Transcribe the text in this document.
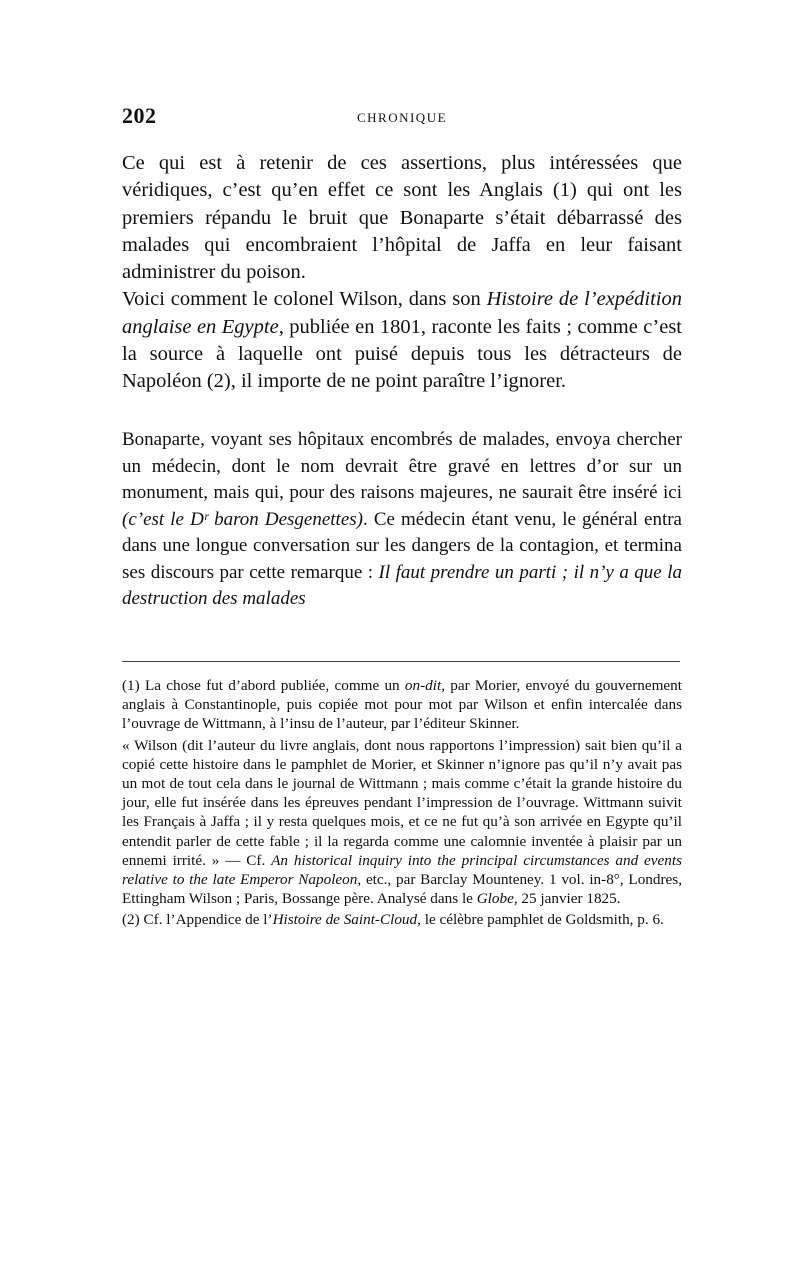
202	CHRONIQUE

Ce qui est à retenir de ces assertions, plus intéressées que véridiques, c’est qu’en effet ce sont les Anglais (1) qui ont les premiers répandu le bruit que Bonaparte s’était débarrassé des malades qui encombraient l’hôpital de Jaffa en leur faisant administrer du poison.

Voici comment le colonel Wilson, dans son Histoire de l’expédition anglaise en Egypte, publiée en 1801, raconte les faits ; comme c’est la source à laquelle ont puisé depuis tous les détracteurs de Napoléon (2), il importe de ne point paraître l’ignorer.

Bonaparte, voyant ses hôpitaux encombrés de malades, envoya chercher un médecin, dont le nom devrait être gravé en lettres d’or sur un monument, mais qui, pour des raisons majeures, ne saurait être inséré ici (c’est le Dʳ baron Desgenettes). Ce médecin étant venu, le général entra dans une longue conversation sur les dangers de la contagion, et termina ses discours par cette remarque : Il faut prendre un parti ; il n’y a que la destruction des malades

(1) La chose fut d’abord publiée, comme un on-dit, par Morier, envoyé du gouvernement anglais à Constantinople, puis copiée mot pour mot par Wilson et enfin intercalée dans l’ouvrage de Wittmann, à l’insu de l’auteur, par l’éditeur Skinner.

« Wilson (dit l’auteur du livre anglais, dont nous rapportons l’impression) sait bien qu’il a copié cette histoire dans le pamphlet de Morier, et Skinner n’ignore pas qu’il n’y avait pas un mot de tout cela dans le journal de Wittmann ; mais comme c’était la grande histoire du jour, elle fut insérée dans les épreuves pendant l’impression de l’ouvrage. Wittmann suivit les Français à Jaffa ; il y resta quelques mois, et ce ne fut qu’à son arrivée en Egypte qu’il entendit parler de cette fable ; il la regarda comme une calomnie inventée à plaisir par un ennemi irrité. » — Cf. An historical inquiry into the principal circumstances and events relative to the late Emperor Napoleon, etc., par Barclay Mounteney. 1 vol. in-8°, Londres, Ettingham Wilson ; Paris, Bossange père. Analysé dans le Globe, 25 janvier 1825.

(2) Cf. l’Appendice de l’Histoire de Saint-Cloud, le célèbre pamphlet de Goldsmith, p. 6.
